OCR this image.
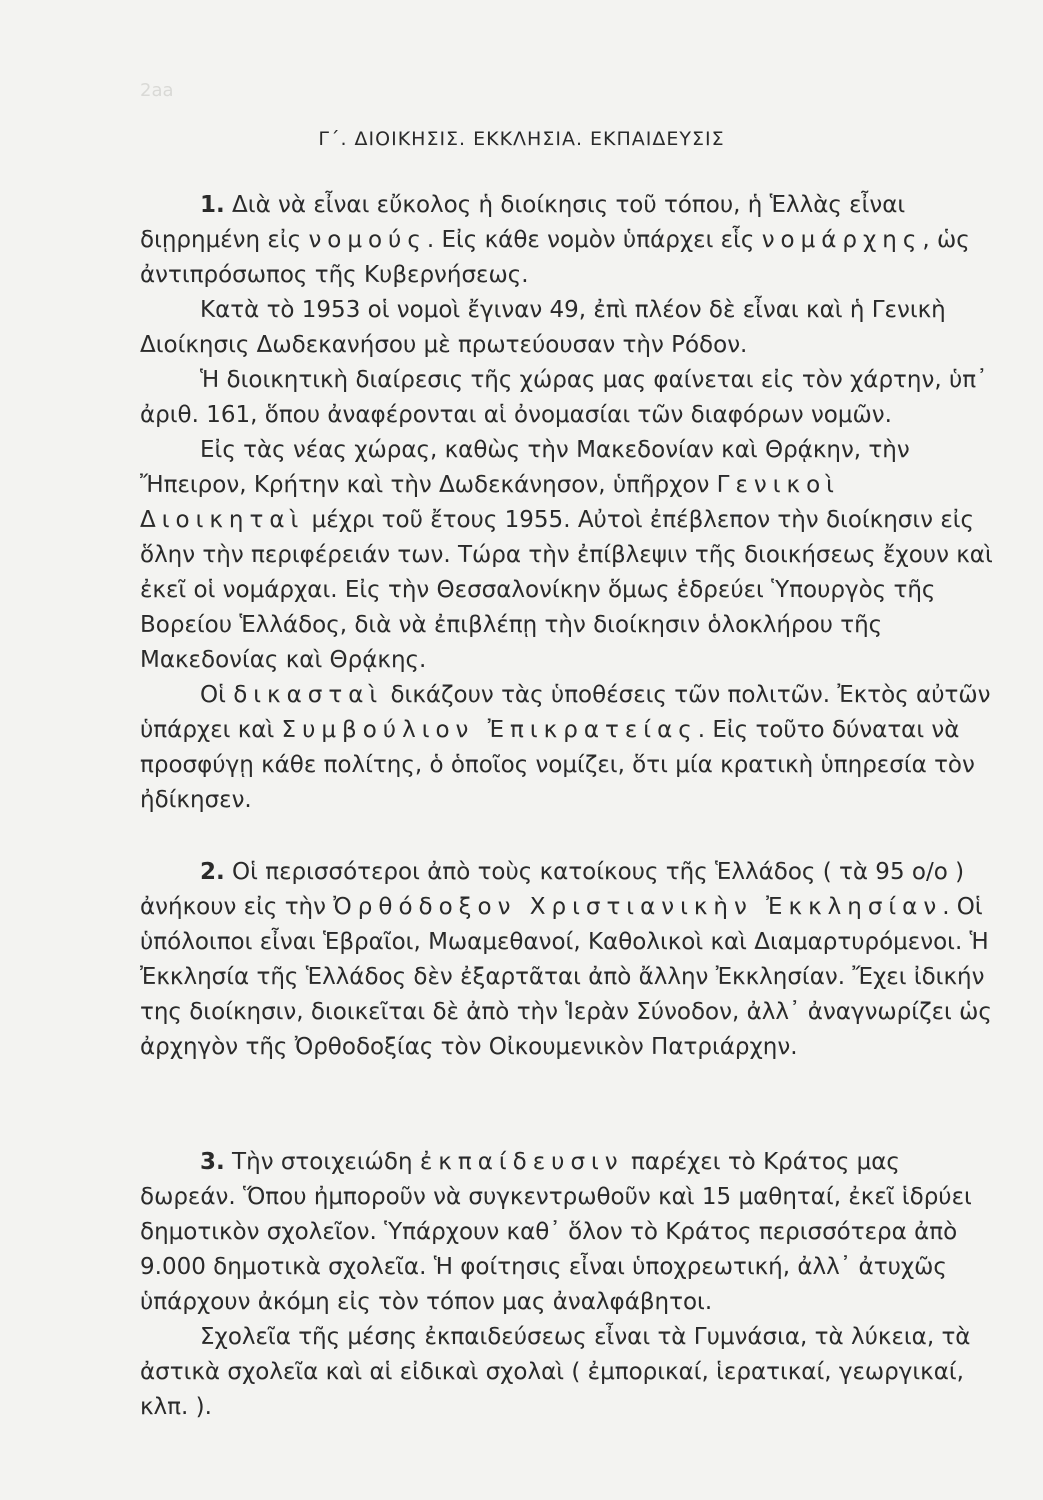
2aa
Γ΄. ΔΙΟΙΚΗΣΙΣ. ΕΚΚΛΗΣΙΑ. ΕΚΠΑΙΔΕΥΣΙΣ

1. Διὰ νὰ εἶναι εὔκολος ἡ διοίκησις τοῦ τόπου, ἡ Ἑλλὰς εἶναι διῃρημένη εἰς νομούς. Εἰς κάθε νομὸν ὑπάρχει εἷς νομάρχης, ὡς ἀντιπρόσωπος τῆς Κυβερνήσεως.

Κατὰ τὸ 1953 οἱ νομοὶ ἔγιναν 49, ἐπὶ πλέον δὲ εἶναι καὶ ἡ Γενικὴ Διοίκησις Δωδεκανήσου μὲ πρωτεύουσαν τὴν Ρόδον.

Ἡ διοικητικὴ διαίρεσις τῆς χώρας μας φαίνεται εἰς τὸν χάρτην, ὑπ᾿ ἀριθ. 161, ὅπου ἀναφέρονται αἱ ὀνομασίαι τῶν διαφόρων νομῶν.

Εἰς τὰς νέας χώρας, καθὼς τὴν Μακεδονίαν καὶ Θρᾴκην, τὴν Ἤπειρον, Κρήτην καὶ τὴν Δωδεκάνησον, ὑπῆρχον Γενικοὶ Διοικηταὶ μέχρι τοῦ ἔτους 1955. Αὐτοὶ ἐπέβλεπον τὴν διοίκησιν εἰς ὅλην τὴν περιφέρειάν των. Τώρα τὴν ἐπίβλεψιν τῆς διοικήσεως ἔχουν καὶ ἐκεῖ οἱ νομάρχαι. Εἰς τὴν Θεσσαλονίκην ὅμως ἑδρεύει Ὑπουργὸς τῆς Βορείου Ἑλλάδος, διὰ νὰ ἐπιβλέπῃ τὴν διοίκησιν ὁλοκλήρου τῆς Μακεδονίας καὶ Θρᾴκης.

Οἱ δικασταὶ δικάζουν τὰς ὑποθέσεις τῶν πολιτῶν. Ἐκτὸς αὐτῶν ὑπάρχει καὶ Συμβούλιον Ἐπικρατείας. Εἰς τοῦτο δύναται νὰ προσφύγῃ κάθε πολίτης, ὁ ὁποῖος νομίζει, ὅτι μία κρατικὴ ὑπηρεσία τὸν ἠδίκησεν.

2. Οἱ περισσότεροι ἀπὸ τοὺς κατοίκους τῆς Ἑλλάδος ( τὰ 95 ο/ο ) ἀνήκουν εἰς τὴν Ὀρθόδοξον Χριστιανικὴν Ἐκκλησίαν. Οἱ ὑπόλοιποι εἶναι Ἑβραῖοι, Μωαμεθανοί, Καθολικοὶ καὶ Διαμαρτυρόμενοι. Ἡ Ἐκκλησία τῆς Ἑλλάδος δὲν ἐξαρτᾶται ἀπὸ ἄλλην Ἐκκλησίαν. Ἔχει ἰδικήν της διοίκησιν, διοικεῖται δὲ ἀπὸ τὴν Ἱερὰν Σύνοδον, ἀλλ᾿ ἀναγνωρίζει ὡς ἀρχηγὸν τῆς Ὀρθοδοξίας τὸν Οἰκουμενικὸν Πατριάρχην.

3. Τὴν στοιχειώδη ἐκπαίδευσιν παρέχει τὸ Κράτος μας δωρεάν. Ὅπου ἠμποροῦν νὰ συγκεντρωθοῦν καὶ 15 μαθηταί, ἐκεῖ ἱδρύει δημοτικὸν σχολεῖον. Ὑπάρχουν καθ᾿ ὅλον τὸ Κράτος περισσότερα ἀπὸ 9.000 δημοτικὰ σχολεῖα. Ἡ φοίτησις εἶναι ὑποχρεωτική, ἀλλ᾿ ἀτυχῶς ὑπάρχουν ἀκόμη εἰς τὸν τόπον μας ἀναλφάβητοι.

Σχολεῖα τῆς μέσης ἐκπαιδεύσεως εἶναι τὰ Γυμνάσια, τὰ λύκεια, τὰ ἀστικὰ σχολεῖα καὶ αἱ εἰδικαὶ σχολαὶ ( ἐμπορικαί, ἱερατικαί, γεωργικαί, κλπ. ).
